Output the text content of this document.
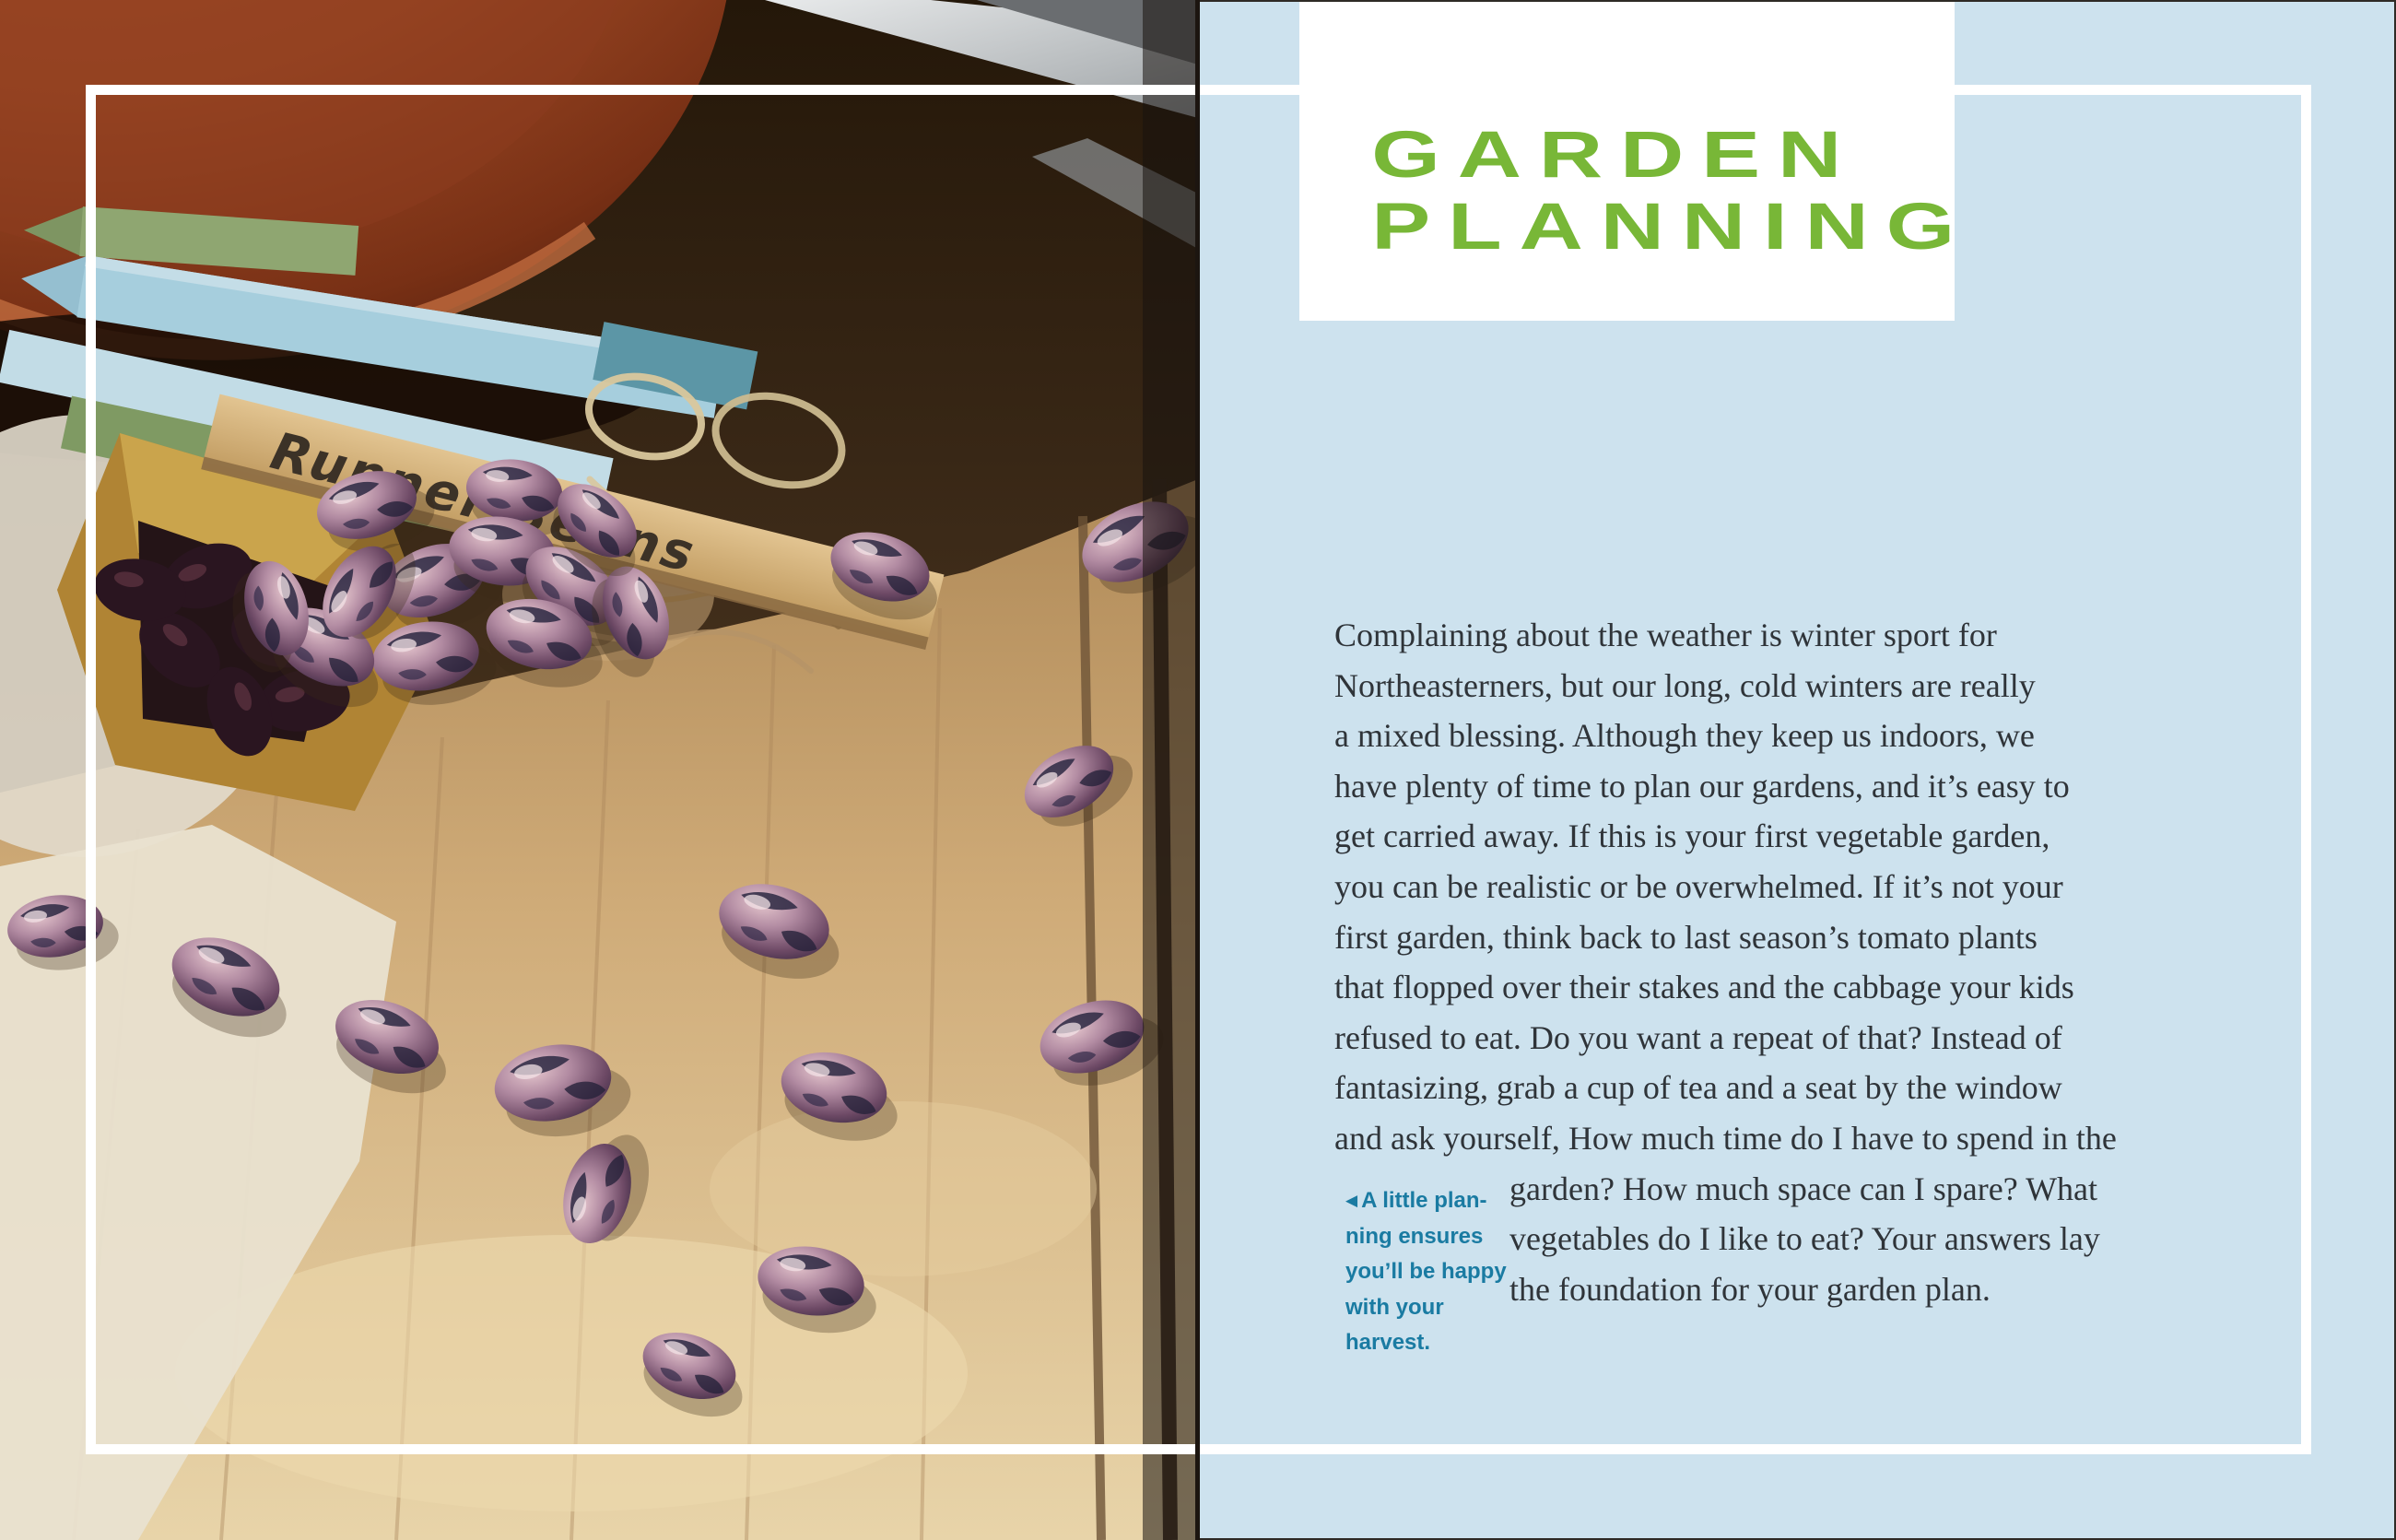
GARDEN
PLANNING
Complaining about the weather is winter sport for
Northeasterners, but our long, cold winters are really
a mixed blessing. Although they keep us indoors, we
have plenty of time to plan our gardens, and it’s easy to
get carried away. If this is your first vegetable garden,
you can be realistic or be overwhelmed. If it’s not your
first garden, think back to last season’s tomato plants
that flopped over their stakes and the cabbage your kids
refused to eat. Do you want a repeat of that? Instead of
fantasizing, grab a cup of tea and a seat by the window
and ask yourself, How much time do I have to spend in the
garden? How much space can I spare? What
vegetables do I like to eat? Your answers lay
the foundation for your garden plan.
◀ A little plan-
ning ensures
you’ll be happy
with your
harvest.
